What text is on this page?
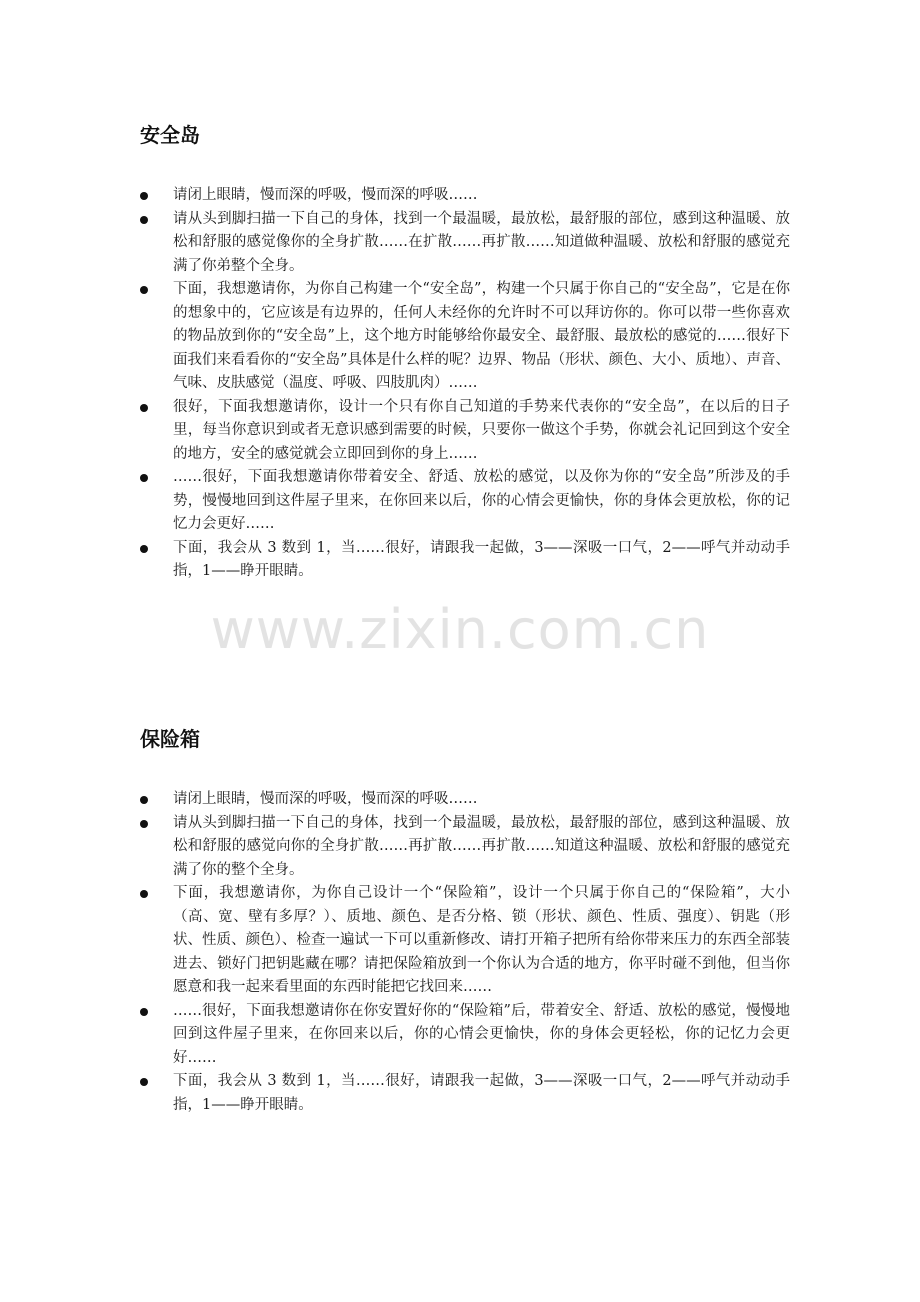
安全岛
请闭上眼睛，慢而深的呼吸，慢而深的呼吸……
请从头到脚扫描一下自己的身体，找到一个最温暖，最放松，最舒服的部位，感到这种温暖、放松和舒服的感觉像你的全身扩散……在扩散……再扩散……知道做种温暖、放松和舒服的感觉充满了你弟整个全身。
下面，我想邀请你，为你自己构建一个“安全岛”，构建一个只属于你自己的“安全岛”，它是在你的想象中的，它应该是有边界的，任何人未经你的允许时不可以拜访你的。你可以带一些你喜欢的物品放到你的“安全岛”上，这个地方时能够给你最安全、最舒服、最放松的感觉的……很好下面我们来看看你的“安全岛”具体是什么样的呢？边界、物品（形状、颜色、大小、质地）、声音、气味、皮肤感觉（温度、呼吸、四肢肌肉）……
很好，下面我想邀请你，设计一个只有你自己知道的手势来代表你的“安全岛”，在以后的日子里，每当你意识到或者无意识感到需要的时候，只要你一做这个手势，你就会礼记回到这个安全的地方，安全的感觉就会立即回到你的身上……
……很好，下面我想邀请你带着安全、舒适、放松的感觉，以及你为你的“安全岛”所涉及的手势，慢慢地回到这件屋子里来，在你回来以后，你的心情会更愉快，你的身体会更放松，你的记忆力会更好……
下面，我会从 3 数到 1，当……很好，请跟我一起做，3——深吸一口气，2——呼气并动动手指，1——睁开眼睛。
www.zixin.com.cn
保险箱
请闭上眼睛，慢而深的呼吸，慢而深的呼吸……
请从头到脚扫描一下自己的身体，找到一个最温暖，最放松，最舒服的部位，感到这种温暖、放松和舒服的感觉向你的全身扩散……再扩散……再扩散……知道这种温暖、放松和舒服的感觉充满了你的整个全身。
下面，我想邀请你，为你自己设计一个“保险箱”，设计一个只属于你自己的“保险箱”，大小（高、宽、壁有多厚？）、质地、颜色、是否分格、锁（形状、颜色、性质、强度）、钥匙（形状、性质、颜色）、检查一遍试一下可以重新修改、请打开箱子把所有给你带来压力的东西全部装进去、锁好门把钥匙藏在哪？请把保险箱放到一个你认为合适的地方，你平时碰不到他，但当你愿意和我一起来看里面的东西时能把它找回来……
……很好，下面我想邀请你在你安置好你的“保险箱”后，带着安全、舒适、放松的感觉，慢慢地回到这件屋子里来，在你回来以后，你的心情会更愉快，你的身体会更轻松，你的记忆力会更好……
下面，我会从 3 数到 1，当……很好，请跟我一起做，3——深吸一口气，2——呼气并动动手指，1——睁开眼睛。
